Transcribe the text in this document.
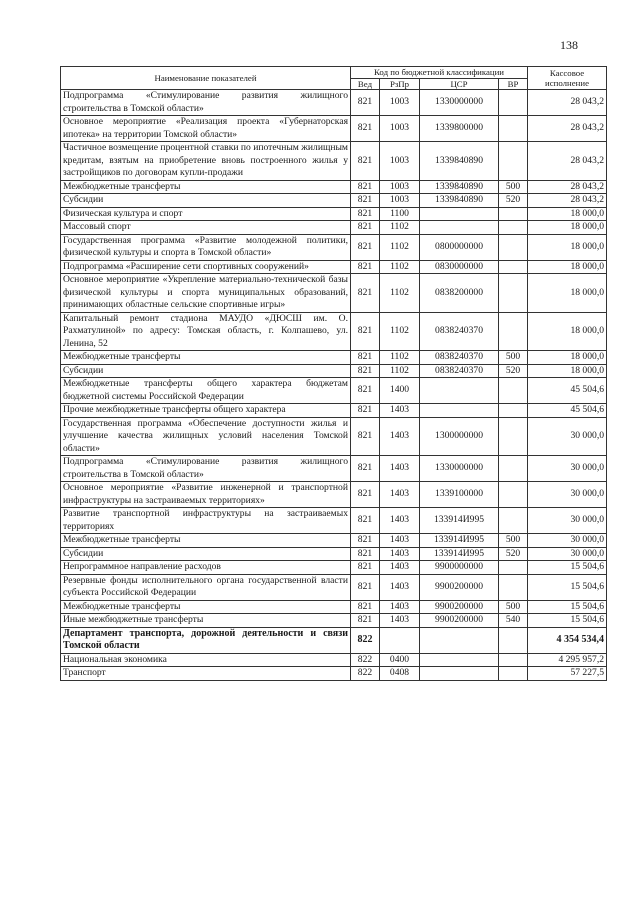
138
Наименование показателей	Код по бюджетной классификации				Кассовое исполнение
	Вед	РзПр	ЦСР	ВР	
Подпрограмма «Стимулирование развития жилищного строительства в Томской области»	821	1003	1330000000		28 043,2
Основное мероприятие «Реализация проекта «Губернаторская ипотека» на территории Томской области»	821	1003	1339800000		28 043,2
Частичное возмещение процентной ставки по ипотечным жилищным кредитам, взятым на приобретение вновь построенного жилья у застройщиков по договорам купли-продажи	821	1003	1339840890		28 043,2
Межбюджетные трансферты	821	1003	1339840890	500	28 043,2
Субсидии	821	1003	1339840890	520	28 043,2
Физическая культура и спорт	821	1100			18 000,0
Массовый спорт	821	1102			18 000,0
Государственная программа «Развитие молодежной политики, физической культуры и спорта в Томской области»	821	1102	0800000000		18 000,0
Подпрограмма «Расширение сети спортивных сооружений»	821	1102	0830000000		18 000,0
Основное мероприятие «Укрепление материально-технической базы физической культуры и спорта муниципальных образований, принимающих областные сельские спортивные игры»	821	1102	0838200000		18 000,0
Капитальный ремонт стадиона МАУДО «ДЮСШ им. О. Рахматулиной» по адресу: Томская область, г. Колпашево, ул. Ленина, 52	821	1102	0838240370		18 000,0
Межбюджетные трансферты	821	1102	0838240370	500	18 000,0
Субсидии	821	1102	0838240370	520	18 000,0
Межбюджетные трансферты общего характера бюджетам бюджетной системы Российской Федерации	821	1400			45 504,6
Прочие межбюджетные трансферты общего характера	821	1403			45 504,6
Государственная программа «Обеспечение доступности жилья и улучшение качества жилищных условий населения Томской области»	821	1403	1300000000		30 000,0
Подпрограмма «Стимулирование развития жилищного строительства в Томской области»	821	1403	1330000000		30 000,0
Основное мероприятие «Развитие инженерной и транспортной инфраструктуры на застраиваемых территориях»	821	1403	1339100000		30 000,0
Развитие транспортной инфраструктуры на застраиваемых территориях	821	1403	133914И995		30 000,0
Межбюджетные трансферты	821	1403	133914И995	500	30 000,0
Субсидии	821	1403	133914И995	520	30 000,0
Непрограммное направление расходов	821	1403	9900000000		15 504,6
Резервные фонды исполнительного органа государственной власти субъекта Российской Федерации	821	1403	9900200000		15 504,6
Межбюджетные трансферты	821	1403	9900200000	500	15 504,6
Иные межбюджетные трансферты	821	1403	9900200000	540	15 504,6
Департамент транспорта, дорожной деятельности и связи Томской области	822				4 354 534,4
Национальная экономика	822	0400			4 295 957,2
Транспорт	822	0408			57 227,5
